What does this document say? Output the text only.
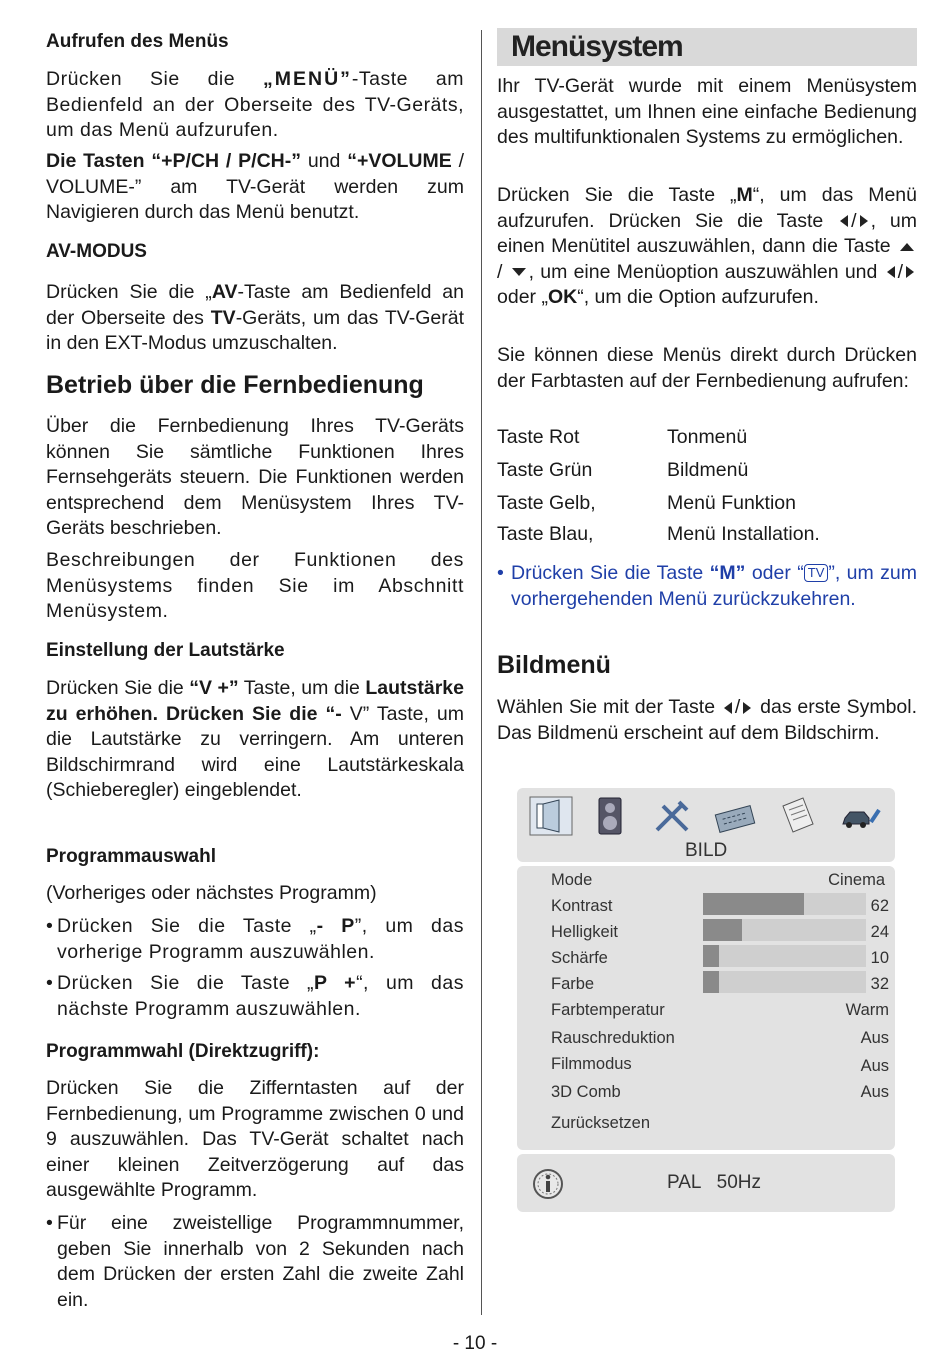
Aufrufen des Menüs

Drücken Sie die „MENÜ”-Taste am Bedienfeld an der Oberseite des TV-Geräts, um das Menü aufzurufen.

Die Tasten “+P/CH / P/CH-” und “+VOLUME / VOLUME-” am TV-Gerät werden zum Navigieren durch das Menü benutzt.

AV-MODUS

Drücken Sie die „AV-Taste am Bedienfeld an der Oberseite des TV-Geräts, um das TV-Gerät in den EXT-Modus umzuschalten.

Betrieb über die Fernbedienung

Über die Fernbedienung Ihres TV-Geräts können Sie sämtliche Funktionen Ihres Fernsehgeräts steuern. Die Funktionen werden entsprechend dem Menüsystem Ihres TV-Geräts beschrieben.

Beschreibungen der Funktionen des Menüsystems finden Sie im Abschnitt Menüsystem.

Einstellung der Lautstärke

Drücken Sie die “V +” Taste, um die Lautstärke zu erhöhen. Drücken Sie die “- V” Taste, um die Lautstärke zu verringern. Am unteren Bildschirmrand wird eine Lautstärkeskala (Schieberegler) eingeblendet.

Programmauswahl

(Vorheriges oder nächstes Programm)

• Drücken Sie die Taste „- P”, um das vorherige Programm auszuwählen.
• Drücken Sie die Taste „P +“, um das nächste Programm auszuwählen.
Programmwahl (Direktzugriff):

Drücken Sie die Zifferntasten auf der Fernbedienung, um Programme zwischen 0 und 9 auszuwählen. Das TV-Gerät schaltet nach einer kleinen Zeitverzögerung auf das ausgewählte Programm.

• Für eine zweistellige Programmnummer, geben Sie innerhalb von 2 Sekunden nach dem Drücken der ersten Zahl die zweite Zahl ein.
Menüsystem

Ihr TV-Gerät wurde mit einem Menüsystem ausgestattet, um Ihnen eine einfache Bedienung des multifunktionalen Systems zu ermöglichen.

Drücken Sie die Taste „M“, um das Menü aufzurufen. Drücken Sie die Taste / , um einen Menütitel auszuwählen, dann die Taste  / , um eine Menüoption auszuwählen und / oder „OK“, um die Option aufzurufen.

Sie können diese Menüs direkt durch Drücken der Farbtasten auf der Fernbedienung aufrufen:

Taste Rot	Tonmenü
Taste Grün	Bildmenü
Taste Gelb,	Menü Funktion
Taste Blau,	Menü Installation.
• Drücken Sie die Taste “M” oder “ TV ”, um zum vorhergehenden Menü zurückzukehren.
Bildmenü

Wählen Sie mit der Taste / das erste Symbol. Das Bildmenü erscheint auf dem Bildschirm.

BILD
Mode	Cinema
Kontrast	62
Helligkeit	24
Schärfe	10
Farbe	32
Farbtemperatur	Warm
Rauschreduktion	Aus
Filmmodus	Aus
3D Comb	Aus
Zurücksetzen
PAL   50Hz
- 10 -
